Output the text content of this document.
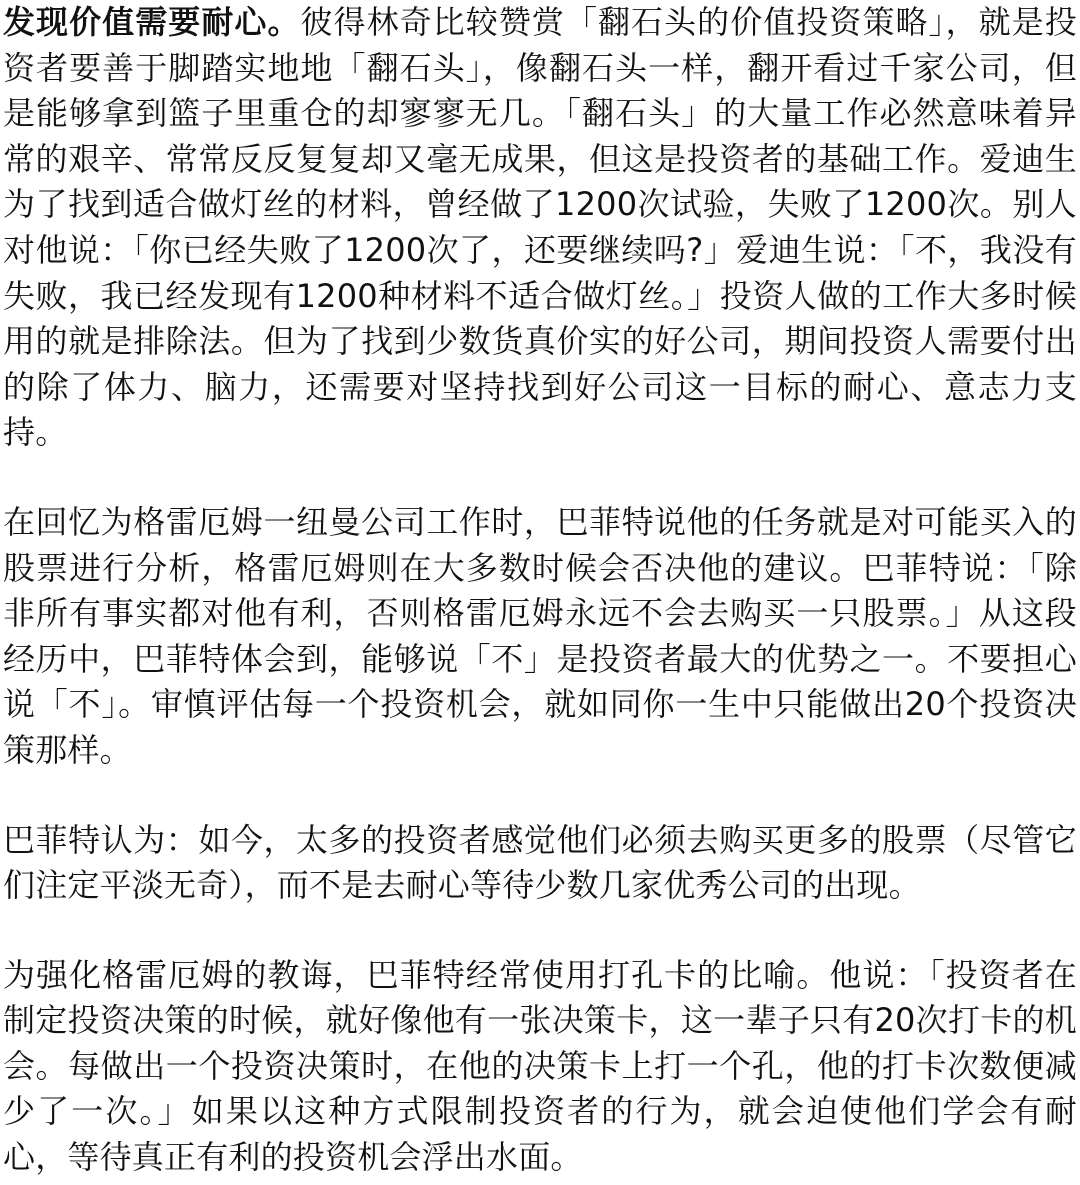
发现价值需要耐心。彼得林奇比较赞赏「翻石头的价值投资策略」，就是投资者要善于脚踏实地地「翻石头」，像翻石头一样，翻开看过千家公司，但是能够拿到篮子里重仓的却寥寥无几。「翻石头」的大量工作必然意味着异常的艰辛、常常反反复复却又毫无成果，但这是投资者的基础工作。爱迪生为了找到适合做灯丝的材料，曾经做了1200次试验，失败了1200次。别人对他说：「你已经失败了1200次了，还要继续吗?」爱迪生说：「不，我没有失败，我已经发现有1200种材料不适合做灯丝。」投资人做的工作大多时候用的就是排除法。但为了找到少数货真价实的好公司，期间投资人需要付出的除了体力、脑力，还需要对坚持找到好公司这一目标的耐心、意志力支持。

在回忆为格雷厄姆一纽曼公司工作时，巴菲特说他的任务就是对可能买入的股票进行分析，格雷厄姆则在大多数时候会否决他的建议。巴菲特说：「除非所有事实都对他有利，否则格雷厄姆永远不会去购买一只股票。」从这段经历中，巴菲特体会到，能够说「不」是投资者最大的优势之一。不要担心说「不」。审慎评估每一个投资机会，就如同你一生中只能做出20个投资决策那样。

巴菲特认为：如今，太多的投资者感觉他们必须去购买更多的股票（尽管它们注定平淡无奇），而不是去耐心等待少数几家优秀公司的出现。

为强化格雷厄姆的教诲，巴菲特经常使用打孔卡的比喻。他说：「投资者在制定投资决策的时候，就好像他有一张决策卡，这一辈子只有20次打卡的机会。每做出一个投资决策时，在他的决策卡上打一个孔，他的打卡次数便减少了一次。」如果以这种方式限制投资者的行为，就会迫使他们学会有耐心，等待真正有利的投资机会浮出水面。
